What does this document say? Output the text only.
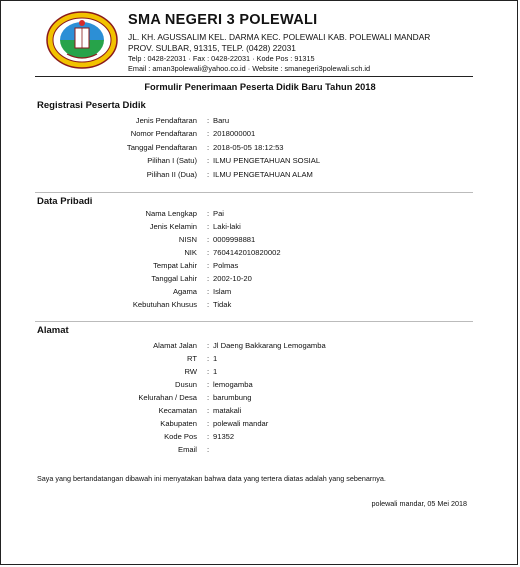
SMA NEGERI 3 POLEWALI
JL. KH. AGUSSALIM KEL. DARMA KEC. POLEWALI KAB. POLEWALI MANDAR
PROV. SULBAR, 91315, TELP. (0428) 22031
Telp : 0428-22031 · Fax : 0428-22031 · Kode Pos : 91315
Email : aman3polewali@yahoo.co.id · Website : smanegeri3polewali.sch.id
Formulir Penerimaan Peserta Didik Baru Tahun 2018
Registrasi Peserta Didik
Jenis Pendaftaran : Baru
Nomor Pendaftaran : 2018000001
Tanggal Pendaftaran : 2018-05-05 18:12:53
Pilihan I (Satu) : ILMU PENGETAHUAN SOSIAL
Pilihan II (Dua) : ILMU PENGETAHUAN ALAM
Data Pribadi
Nama Lengkap : Pai
Jenis Kelamin : Laki-laki
NISN : 0009998881
NIK : 7604142010820002
Tempat Lahir : Polmas
Tanggal Lahir : 2002-10-20
Agama : Islam
Kebutuhan Khusus : Tidak
Alamat
Alamat Jalan : Jl Daeng Bakkarang Lemogamba
RT : 1
RW : 1
Dusun : lemogamba
Kelurahan / Desa : barumbung
Kecamatan : matakali
Kabupaten : polewali mandar
Kode Pos : 91352
Email :
Saya yang bertandatangan dibawah ini menyatakan bahwa data yang tertera diatas adalah yang sebenarnya.
polewali mandar, 05 Mei 2018
